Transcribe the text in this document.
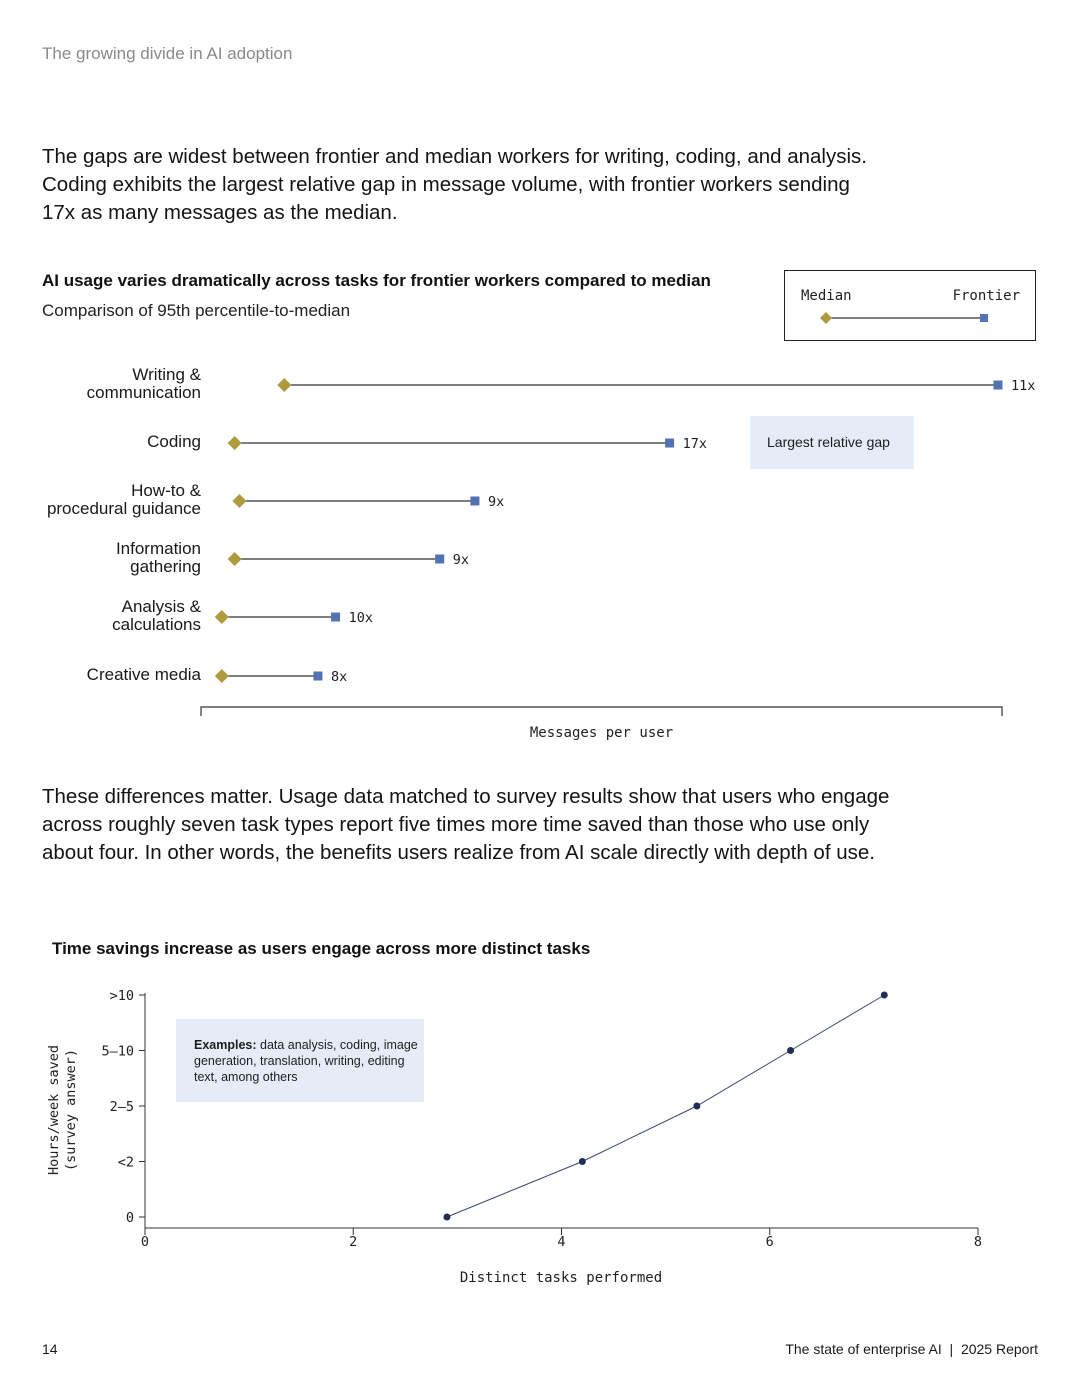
The growing divide in AI adoption
The gaps are widest between frontier and median workers for writing, coding, and analysis. Coding exhibits the largest relative gap in message volume, with frontier workers sending 17x as many messages as the median.
AI usage varies dramatically across tasks for frontier workers compared to median
Comparison of 95th percentile-to-median
Median	Frontier
Writing &
communication
Coding
How-to &
procedural guidance
Information
gathering
Analysis &
calculations
Creative media
11x
17x
9x
9x
10x
8x
Messages per user
Largest relative gap
These differences matter. Usage data matched to survey results show that users who engage across roughly seven task types report five times more time saved than those who use only about four. In other words, the benefits users realize from AI scale directly with depth of use.
Time savings increase as users engage across more distinct tasks
0
<2
2–5
5–10
>10
0	2	4	6	8
Distinct tasks performed
Hours/week saved (survey answer)
Examples: data analysis, coding, image generation, translation, writing, editing text, among others
14	The state of enterprise AI  |  2025 Report
